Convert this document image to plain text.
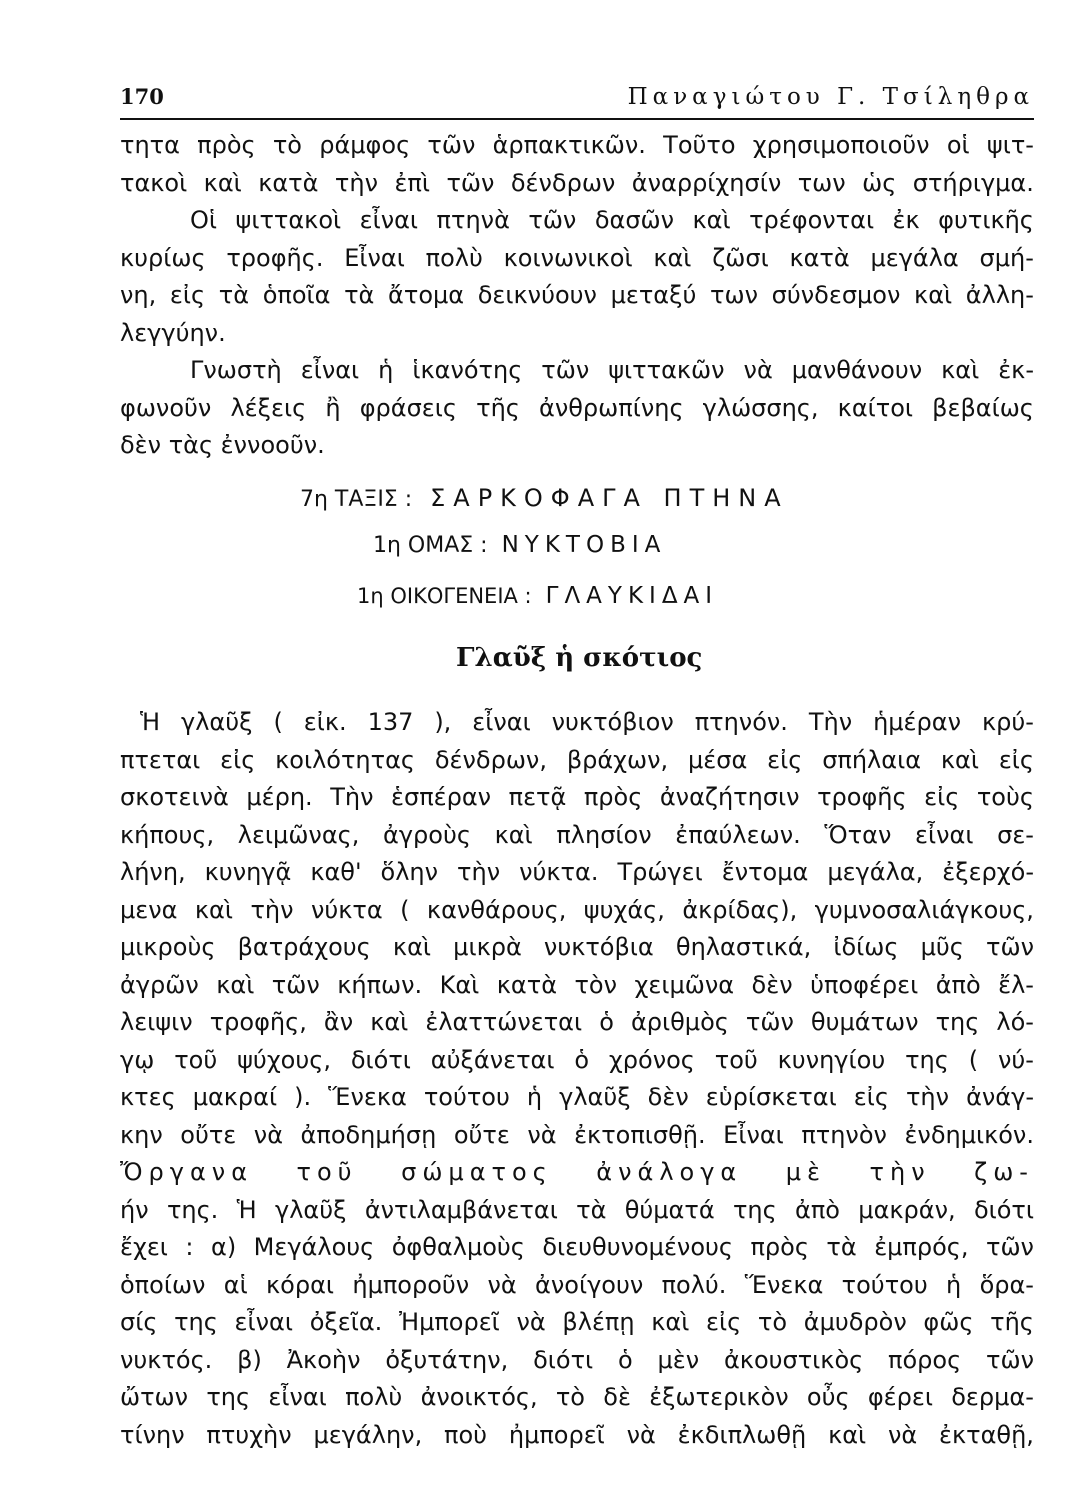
170	Παναγιώτου Γ. Τσίληθρα
τητα πρὸς τὸ ράμφος τῶν ἁρπακτικῶν. Τοῦτο χρησιμοποιοῦν οἱ ψιτ-
τακοὶ καὶ κατὰ τὴν ἐπὶ τῶν δένδρων ἀναρρίχησίν των ὡς στήριγμα.
Οἱ ψιττακοὶ εἶναι πτηνὰ τῶν δασῶν καὶ τρέφονται ἐκ φυτικῆς
κυρίως τροφῆς. Εἶναι πολὺ κοινωνικοὶ καὶ ζῶσι κατὰ μεγάλα σμή-
νη, εἰς τὰ ὁποῖα τὰ ἄτομα δεικνύουν μεταξύ των σύνδεσμον καὶ ἀλλη-
λεγγύην.
Γνωστὴ εἶναι ἡ ἱκανότης τῶν ψιττακῶν νὰ μανθάνουν καὶ ἐκ-
φωνοῦν λέξεις ἢ φράσεις τῆς ἀνθρωπίνης γλώσσης, καίτοι βεβαίως
δὲν τὰς ἐννοοῦν.
7η ΤΑΞΙΣ : ΣΑΡΚΟΦΑΓΑ ΠΤΗΝΑ
1η ΟΜΑΣ : ΝΥΚΤΟΒΙΑ
1η ΟΙΚΟΓΕΝΕΙΑ : ΓΛΑΥΚΙΔΑΙ
Γλαῦξ ἡ σκότιος
Ἡ γλαῦξ ( εἰκ. 137 ), εἶναι νυκτόβιον πτηνόν. Τὴν ἡμέραν κρύ-
πτεται εἰς κοιλότητας δένδρων, βράχων, μέσα εἰς σπήλαια καὶ εἰς
σκοτεινὰ μέρη. Τὴν ἑσπέραν πετᾷ πρὸς ἀναζήτησιν τροφῆς εἰς τοὺς
κήπους, λειμῶνας, ἀγροὺς καὶ πλησίον ἐπαύλεων. Ὅταν εἶναι σε-
λήνη, κυνηγᾷ καθ' ὅλην τὴν νύκτα. Τρώγει ἔντομα μεγάλα, ἐξερχό-
μενα καὶ τὴν νύκτα ( κανθάρους, ψυχάς, ἀκρίδας), γυμνοσαλιάγκους,
μικροὺς βατράχους καὶ μικρὰ νυκτόβια θηλαστικά, ἰδίως μῦς τῶν
ἀγρῶν καὶ τῶν κήπων. Καὶ κατὰ τὸν χειμῶνα δὲν ὑποφέρει ἀπὸ ἔλ-
λειψιν τροφῆς, ἂν καὶ ἐλαττώνεται ὁ ἀριθμὸς τῶν θυμάτων της λό-
γῳ τοῦ ψύχους, διότι αὐξάνεται ὁ χρόνος τοῦ κυνηγίου της ( νύ-
κτες μακραί ). Ἕνεκα τούτου ἡ γλαῦξ δὲν εὑρίσκεται εἰς τὴν ἀνάγ-
κην οὔτε νὰ ἀποδημήσῃ οὔτε νὰ ἐκτοπισθῇ. Εἶναι πτηνὸν ἐνδημικόν.
Ὄργανα τοῦ σώματος ἀνάλογα μὲ τὴν ζω-
ήν της. Ἡ γλαῦξ ἀντιλαμβάνεται τὰ θύματά της ἀπὸ μακράν, διότι
ἔχει : α) Μεγάλους ὀφθαλμοὺς διευθυνομένους πρὸς τὰ ἐμπρός, τῶν
ὁποίων αἱ κόραι ἠμποροῦν νὰ ἀνοίγουν πολύ. Ἕνεκα τούτου ἡ ὅρα-
σίς της εἶναι ὀξεῖα. Ἠμπορεῖ νὰ βλέπῃ καὶ εἰς τὸ ἀμυδρὸν φῶς τῆς
νυκτός. β) Ἀκοὴν ὀξυτάτην, διότι ὁ μὲν ἀκουστικὸς πόρος τῶν
ὤτων της εἶναι πολὺ ἀνοικτός, τὸ δὲ ἐξωτερικὸν οὖς φέρει δερμα-
τίνην πτυχὴν μεγάλην, ποὺ ἠμπορεῖ νὰ ἐκδιπλωθῇ καὶ νὰ ἐκταθῇ,
